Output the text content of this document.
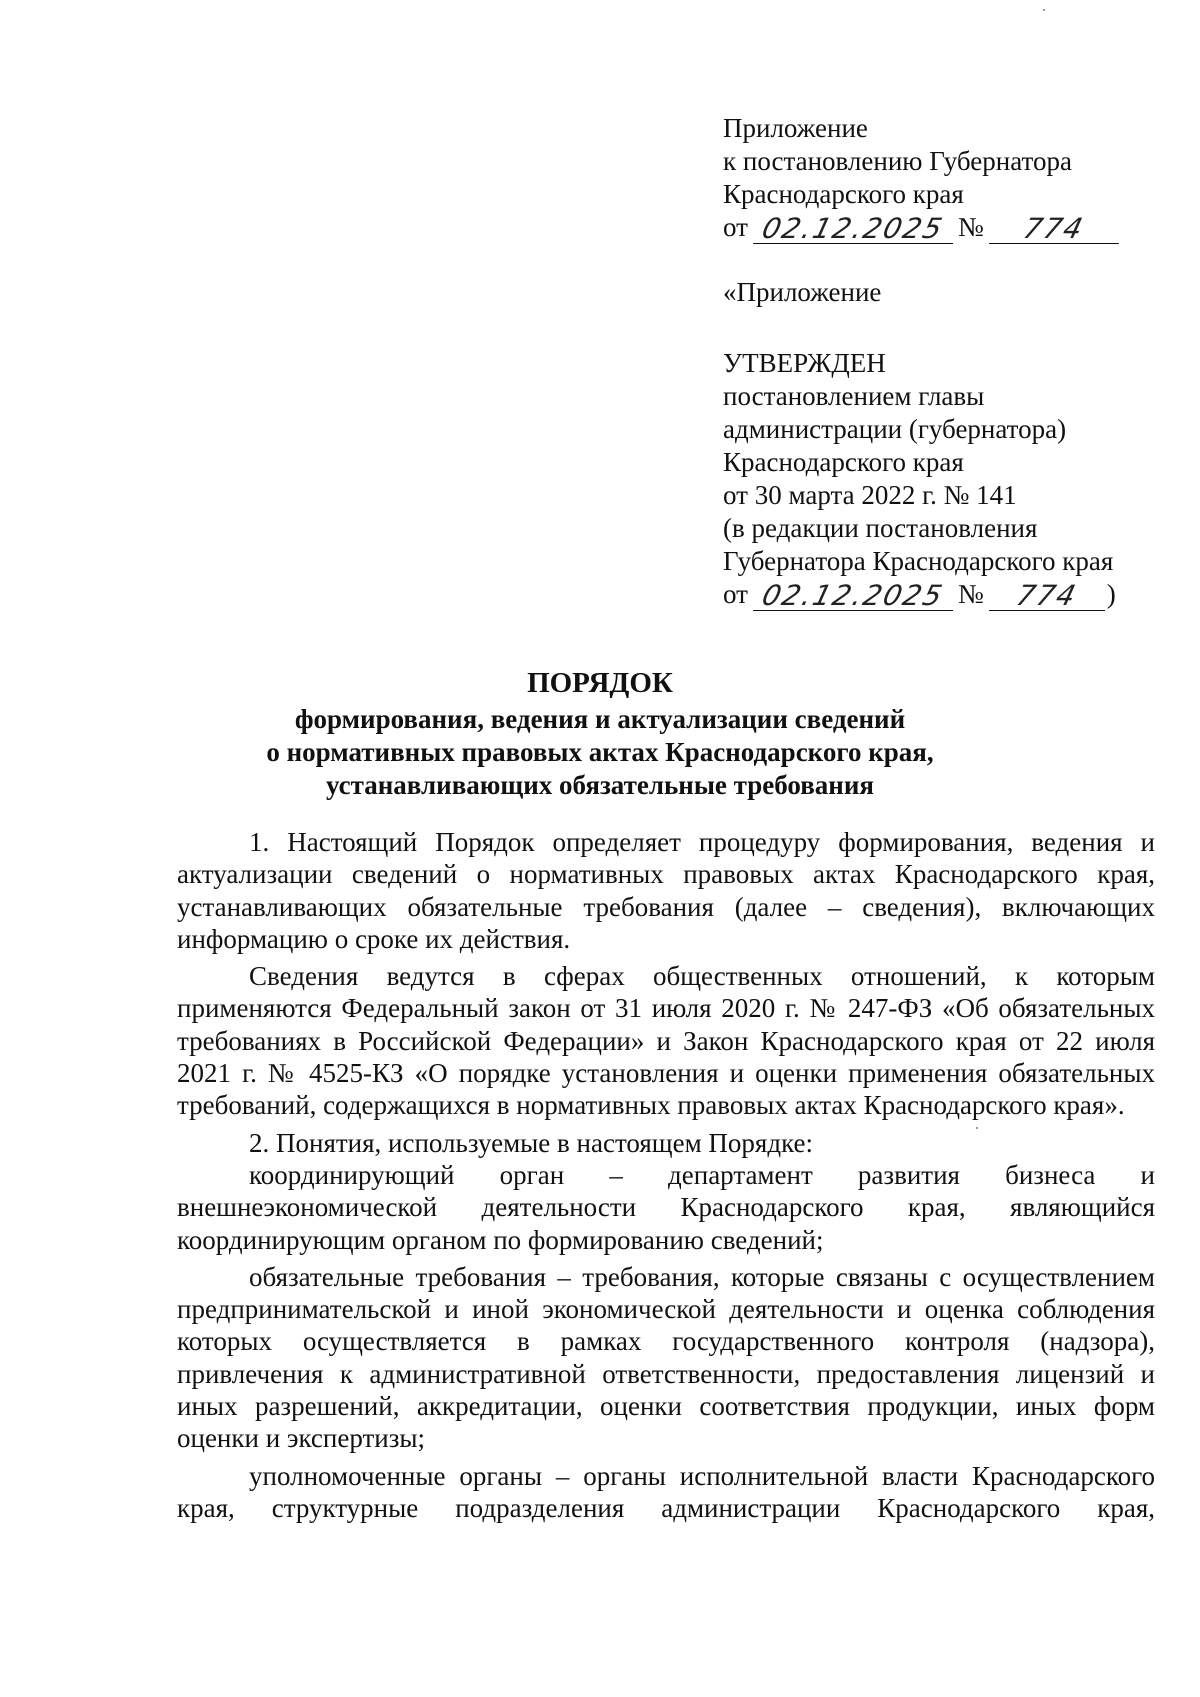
Приложение
к постановлению Губернатора
Краснодарского края
от 02.12.2025 №	774
«Приложение
УТВЕРЖДЕН
постановлением главы
администрации (губернатора)
Краснодарского края
от 30 марта 2022 г. № 141
(в редакции постановления
Губернатора Краснодарского края
от 02.12.2025 №	774 )
ПОРЯДОК
формирования, ведения и актуализации сведений
о нормативных правовых актах Краснодарского края,
устанавливающих обязательные требования

1. Настоящий Порядок определяет процедуру формирования, ведения и актуализации сведений о нормативных правовых актах Краснодарского края, устанавливающих обязательные требования (далее – сведения), включающих информацию о сроке их действия.

Сведения ведутся в сферах общественных отношений, к которым применяются Федеральный закон от 31 июля 2020 г. № 247-ФЗ «Об обязательных требованиях в Российской Федерации» и Закон Краснодарского края от 22 июля 2021 г. № 4525-КЗ «О порядке установления и оценки применения обязательных требований, содержащихся в нормативных правовых актах Краснодарского края».

2. Понятия, используемые в настоящем Порядке:

координирующий орган – департамент развития бизнеса и внешнеэкономической деятельности Краснодарского края, являющийся координирующим органом по формированию сведений;

обязательные требования – требования, которые связаны с осуществлением предпринимательской и иной экономической деятельности и оценка соблюдения которых осуществляется в рамках государственного контроля (надзора), привлечения к административной ответственности, предоставления лицензий и иных разрешений, аккредитации, оценки соответствия продукции, иных форм оценки и экспертизы;

уполномоченные органы – органы исполнительной власти Краснодарского края, структурные подразделения администрации Краснодарского края,
